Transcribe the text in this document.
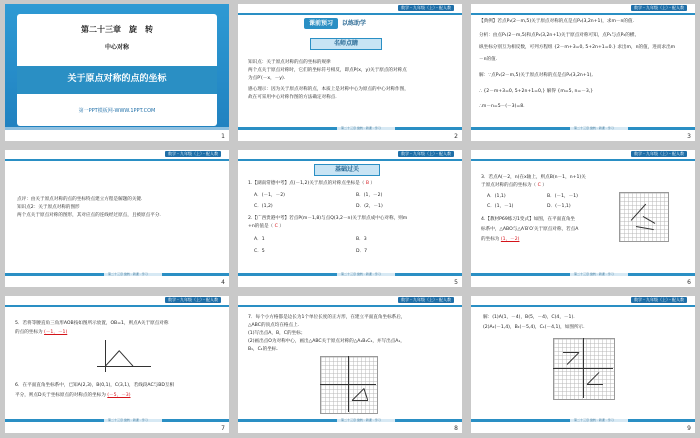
第二十三章　旋　转
中心对称
关于原点对称的点的坐标
第一PPT模板网-WWW.1PPT.COM
1
数学・九年级（上）・配人教
课前预习	以练助学
名师点睛
知识点：关于原点对称的点的坐标的规律
两个点关于原点对称时，它们的坐标符号相反，即点P(x，y)关于原点的对称点
为点P′(－x，－y).
感心理示：因为关于原点对称的点，本质上是对称中心为原点的中心对称作图，
故在可采用中心对称作图的方法确定对称点.
第二十三章 旋转 · 新课 · 学习
2
数学・九年级（上）・配人教
【典例】若点P₁(2－m,5)关于原点对称的点是点P₂(3,2n+1)，求m－n的值.
分析：由点P₁(2－m,5)和点P₂(3,2n+1)关于原点对称可知，点P₁与点P₂的横、
纵坐标分别互为相反数，可列方程组 {2－m+3=0, 5+2n+1=0.} 求出m，n的值，进而求出m
－n的值.
解：∵点P₁(2－m,5)关于原点对称的点是点P₂(3,2n+1),
∴ {2－m+3=0, 5+2n+1=0,} 解得 {m=5, n=－3,}
∴m－n=5－(－3)=8.
第二十三章 旋转 · 新课 · 学习
3
数学・九年级（上）・配人教
点评：由关于原点对称的点的坐标特点建立方程是解题的关键.
知识点2：关于原点对称的图形
两个点关于原点对称的图形，其对应点的连线经过原点，且被原点平分.
第二十三章 旋转 · 新课 · 学习
4
数学・九年级（上）・配人教
基础过关
1.【湖南常德中考】点(－1,2)关于原点的对称点坐标是（ B ）
A．(－1，－2)	B．(1，－2)
C．(1,2)	D．(2，－1)
2.【广西贵港中考】若点P(m－1,8)与点Q(3,2－n)关于原点成中心对称，则m
+n的值是（ C ）
A．1	B．3
C．5	D．7
第二十三章 旋转 · 新课 · 学习
5
数学・九年级（上）・配人教
3．若点A(－2，n)在x轴上，则点B(n－1，n+1)关
于原点对称的点的坐标为（ C ）
A．(1,1)	B．(－1，－1)
C．(1，－1)	D．(－1,1)
4.【教材P69练习1变式】如图，在平面直角坐
标系中，△ABO与△A′B′O′关于原点对称，若点A
的坐标为 (1，－2)
第二十三章 旋转 · 新课 · 学习
6
数学・九年级（上）・配人教
5．若将等腰直角三角形AOB按如图所示放置，OB=1，则点A关于原点对称
的点的坐标为 (－1，－1)
6．在平面直角坐标系中，已知A(2,3)，B(0,1)，C(3,1)，若线段AC与BD互相
平分，则点D关于坐标原点的对称点的坐标为 (－5，－3)
第二十三章 旋转 · 新课 · 学习
7
数学・九年级（上）・配人教
7．每个小方格都是边长为1个单位长度的正方形，在建立平面直角坐标系后，
△ABC的顶点均在格点上.
(1)写出点A，B，C的坐标；
(2)画出点O为对称中心，画出△ABC关于原点对称的△A₁B₁C₁，并写出点A₁，
B₁，C₁的坐标.
第二十三章 旋转 · 新课 · 学习
8
数学・九年级（上）・配人教
解：(1)A(1，－4)，B(5，－4)，C(4，－1).
(2)A₁(－1,4)，B₁(－5,4)，C₁(－4,1)，如图所示.
第二十三章 旋转 · 新课 · 学习
9
